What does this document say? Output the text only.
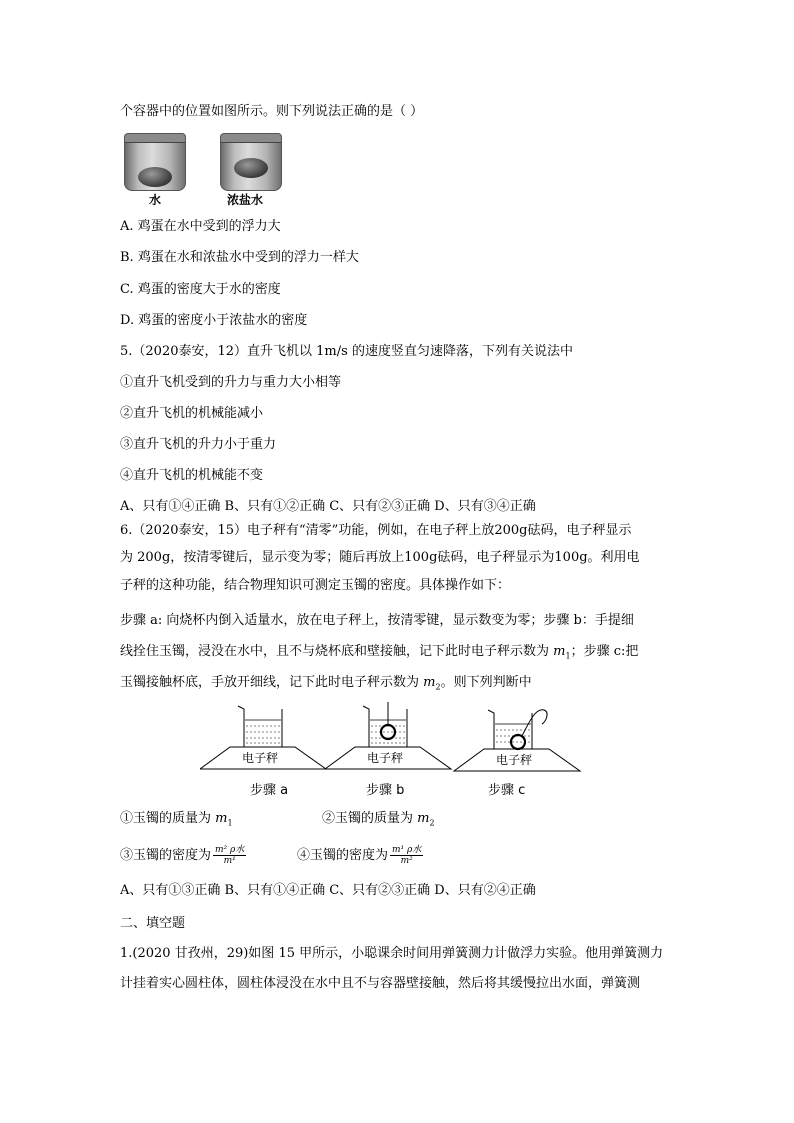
个容器中的位置如图所示。则下列说法正确的是（ ）
水	浓盐水
A. 鸡蛋在水中受到的浮力大
B. 鸡蛋在水和浓盐水中受到的浮力一样大
C. 鸡蛋的密度大于水的密度
D. 鸡蛋的密度小于浓盐水的密度
5.（2020泰安，12）直升飞机以 1m/s 的速度竖直匀速降落，下列有关说法中
①直升飞机受到的升力与重力大小相等
②直升飞机的机械能减小
③直升飞机的升力小于重力
④直升飞机的机械能不变
A、只有①④正确 B、只有①②正确 C、只有②③正确 D、只有③④正确
6.（2020泰安，15）电子秤有“清零”功能，例如，在电子秤上放200g砝码，电子秤显示
为 200g，按清零键后，显示变为零；随后再放上100g砝码，电子秤显示为100g。利用电
子秤的这种功能，结合物理知识可测定玉镯的密度。具体操作如下：
步骤 a: 向烧杯内倒入适量水，放在电子秤上，按清零键，显示数变为零；步骤 b：手提细
线拴住玉镯，浸没在水中，且不与烧杯底和壁接触，记下此时电子秤示数为 $m_1$；步骤 c:把
玉镯接触杯底，手放开细线，记下此时电子秤示数为 $m_2$。则下列判断中
电子秤	电子秤	电子秤
步骤 a	步骤 b	步骤 c
①玉镯的质量为 $m_1$	②玉镯的质量为 $m_2$
③玉镯的密度为 $\frac{\text{m² ρ水}}{\text{m¹}}$	④玉镯的密度为 $\frac{\text{m¹ ρ水}}{\text{m²}}$
A、只有①③正确 B、只有①④正确 C、只有②③正确 D、只有②④正确
二、填空题
1.(2020 甘孜州，29)如图 15 甲所示，小聪课余时间用弹簧测力计做浮力实验。他用弹簧测力
计挂着实心圆柱体，圆柱体浸没在水中且不与容器壁接触，然后将其缓慢拉出水面，弹簧测
